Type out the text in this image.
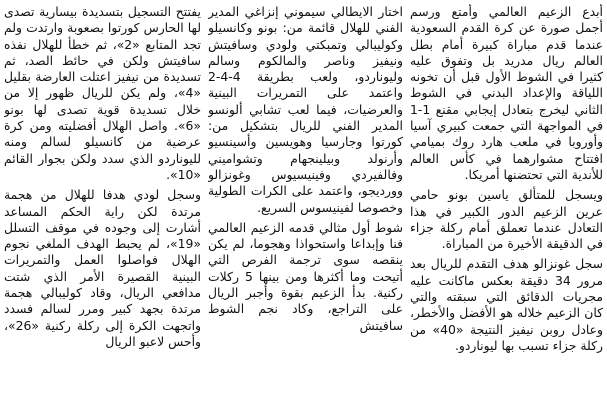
أبدع الزعيم العالمي وأمتع ورسم أجمل صورة عن كرة القدم السعودية عندما قدم مباراة كبيرة أمام بطل العالم ريال مدريد بل وتفوق عليه كثيرا في الشوط الأول قبل أن تخونه اللياقة والإعداد البدني في الشوط الثاني ليخرج بتعادل إيجابي مقنع 1-1 في المواجهة التي جمعت كبيري آسيا وأوروبا في ملعب هارد روك بميامي افتتاح مشوارهما في كأس العالم للأندية التي تحتضنها أمريكا.

ويسجل للمتألق ياسين بونو حامي عرين الزعيم الدور الكبير في هذا التعادل عندما تعملق أمام ركلة جزاء في الدقيقة الأخيرة من المباراة.

سجل غونزالو هدف التقدم للريال بعد مرور 34 دقيقة بعكس ماكانت عليه مجريات الدقائق التي سبقته والتي كان الزعيم خلاله هو الأفضل والأخطر، وعادل روبن نيفيز النتيجة «40» من ركلة جزاء تسبب بها ليوناردو.

اختار الايطالي سيموني إنزاغي المدير الفني للهلال قائمة من: بونو وكانسيلو وكوليبالي وتمبكتي ولودي وسافيتش ونيفيز وناصر والمالكوم وسالم وليوناردو، ولعب بطريقة 4-4-2 واعتمد على التمريرات البينية والعرضيات، فيما لعب تشابي ألونسو المدير الفني للريال بتشكيل من: كورتوا وجارسيا وهويسين وأسينسيو وأرنولد وبيلينجهام وتشواميني وفالفيردي وفينيسيوس وغونزالو وورديجو، واعتمد على الكرات الطولية وخصوصا لفينيسوس السريع.

شوط أول مثالي قدمه الزعيم العالمي فنا وإبداعا واستحواذا وهجوما، لم يكن ينقصه سوى ترجمة الفرص التي أتيحت وما أكثرها ومن بينها 5 ركلات ركنية. بدأ الزعيم بقوة وأجبر الريال على التراجع، وكاد نجم الشوط سافيتش

يفتتح التسجيل بتسديدة بيسارية تصدى لها الحارس كورتوا بصعوبة وارتدت ولم تجد المتابع «2»، ثم خطأ للهلال نفذه سافيتش ولكن في حائط الصد، ثم تسديدة من نيفيز اعتلت العارضة بقليل «4»، ولم يكن للريال ظهور إلا من خلال تسديدة قوية تصدى لها بونو «6». واصل الهلال أفضليته ومن كرة عرضية من كانسيلو لسالم ومنه لليوناردو الذي سدد ولكن بجوار القائم «10».

وسجل لودي هدفا للهلال من هجمة مرتدة لكن راية الحكم المساعد أشارت إلى وجوده في موقف التسلل «19»، لم يحبط الهدف الملغي نجوم الهلال فواصلوا العمل والتمريرات البينية القصيرة الأمر الذي شتت مدافعي الريال، وقاد كوليبالي هجمة مرتدة بجهد كبير ومرر لسالم فسدد واتجهت الكرة إلى ركلة ركنية «26»، وأحس لاعبو الريال
